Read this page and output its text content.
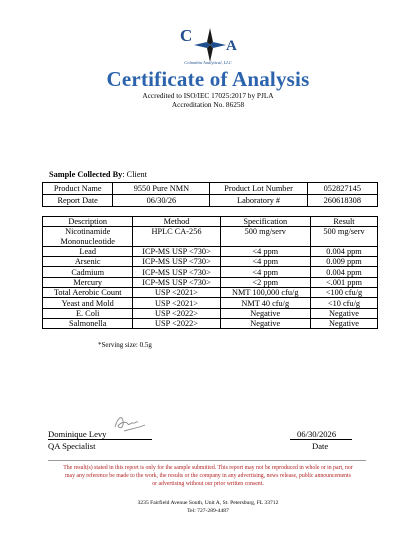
C
A
Columbia Analytical, LLC
Certificate of Analysis
Accredited to ISO/IEC 17025:2017 by PJLA
Accreditation No. 86258
Sample Collected By: Client
Product Name	9550 Pure NMN	Product Lot Number	052827145
Report Date	06/30/26	Laboratory #	260618308
Description	Method	Specification	Result
Nicotinamide Mononucleotide	HPLC CA-256	500 mg/serv	500 mg/serv
Lead	ICP-MS USP <730>	<4 ppm	0.004 ppm
Arsenic	ICP-MS USP <730>	<4 ppm	0.009 ppm
Cadmium	ICP-MS USP <730>	<4 ppm	0.004 ppm
Mercury	ICP-MS USP <730>	<2 ppm	<.001 ppm
Total Aerobic Count	USP <2021>	NMT 100,000 cfu/g	<100 cfu/g
Yeast and Mold	USP <2021>	NMT 40 cfu/g	<10 cfu/g
E. Coli	USP <2022>	Negative	Negative
Salmonella	USP <2022>	Negative	Negative
*Serving size: 0.5g
Dominique Levy
QA Specialist
06/30/2026
Date
The result(s) stated in this report is only for the sample submitted. This report may not be reproduced in whole or in part, nor may any reference be made to the work, the results or the company in any advertising, news release, public announcements or advertising without our prior written consent.
3235 Fairfield Avenue South, Unit A, St. Petersburg, FL 33712
Tel: 727-289-4487
